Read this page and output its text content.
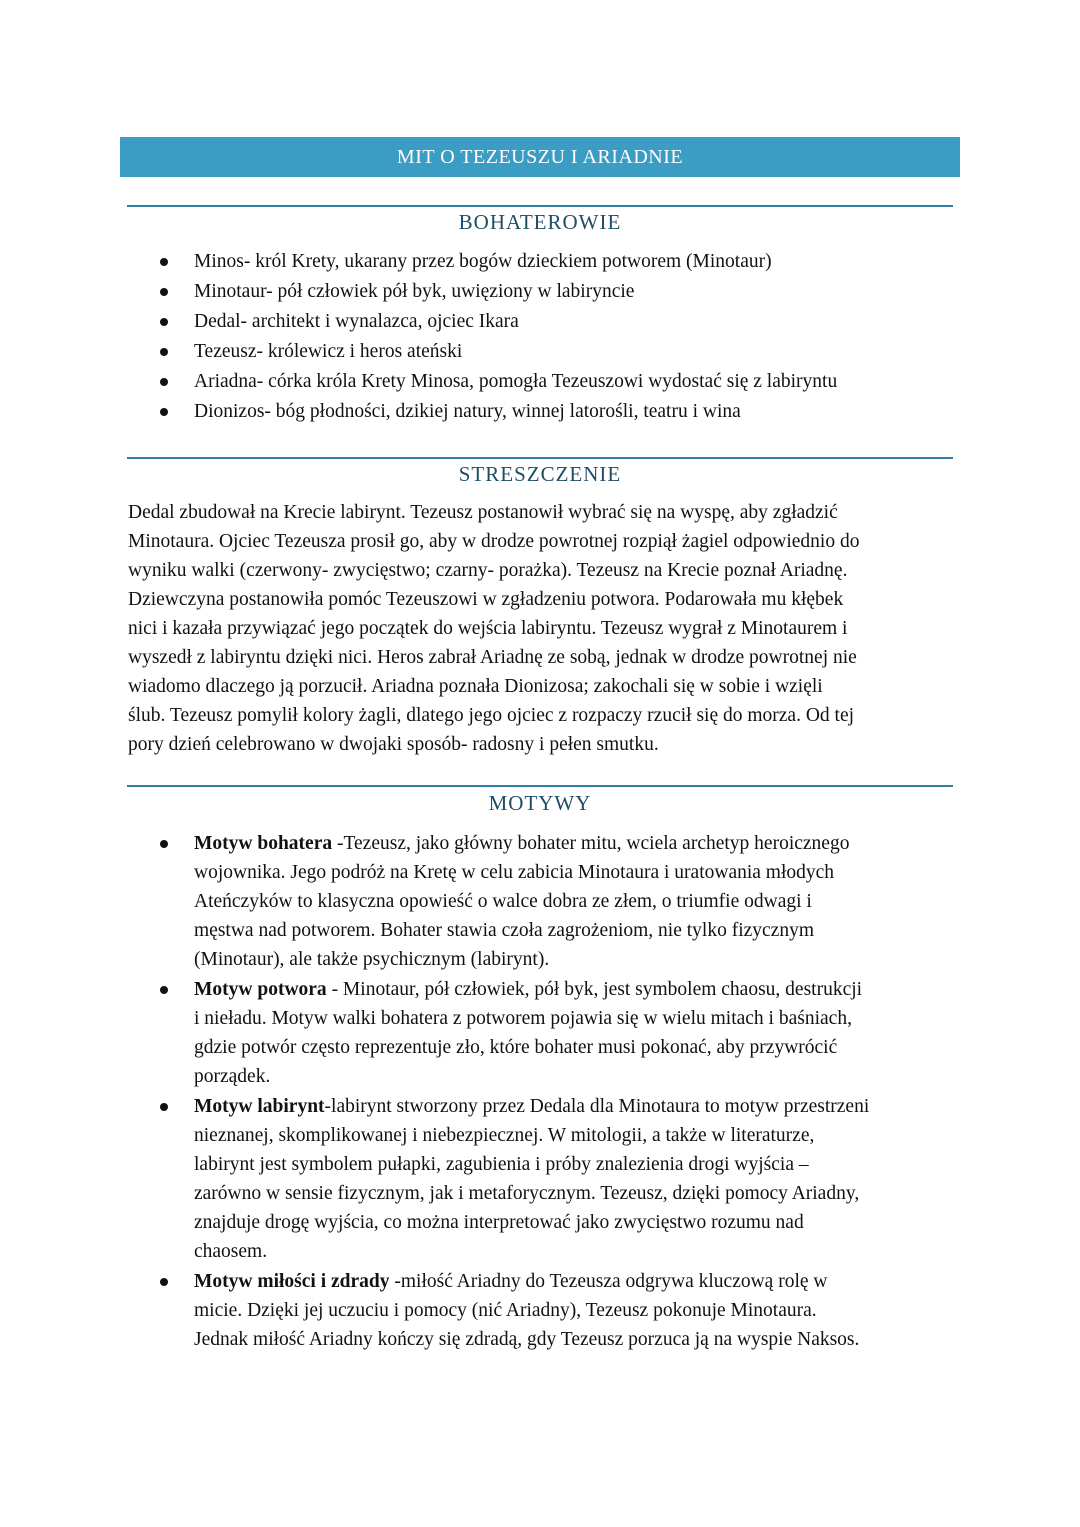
MIT O TEZEUSZU I ARIADNIE
BOHATEROWIE
Minos- król Krety, ukarany przez bogów dzieckiem potworem (Minotaur)
Minotaur- pół człowiek pół byk, uwięziony w labiryncie
Dedal- architekt i wynalazca, ojciec Ikara
Tezeusz- królewicz i heros ateński
Ariadna- córka króla Krety Minosa, pomogła Tezeuszowi wydostać się z labiryntu
Dionizos- bóg płodności, dzikiej natury, winnej latorośli, teatru i wina
STRESZCZENIE
Dedal zbudował na Krecie labirynt. Tezeusz postanowił wybrać się na wyspę, aby zgładzić
Minotaura. Ojciec Tezeusza prosił go, aby w drodze powrotnej rozpiął żagiel odpowiednio do
wyniku walki (czerwony- zwycięstwo; czarny- porażka). Tezeusz na Krecie poznał Ariadnę.
Dziewczyna postanowiła pomóc Tezeuszowi w zgładzeniu potwora. Podarowała mu kłębek
nici i kazała przywiązać jego początek do wejścia labiryntu. Tezeusz wygrał z Minotaurem i
wyszedł z labiryntu dzięki nici. Heros zabrał Ariadnę ze sobą, jednak w drodze powrotnej nie
wiadomo dlaczego ją porzucił. Ariadna poznała Dionizosa; zakochali się w sobie i wzięli
ślub. Tezeusz pomylił kolory żagli, dlatego jego ojciec z rozpaczy rzucił się do morza. Od tej
pory dzień celebrowano w dwojaki sposób- radosny i pełen smutku.
MOTYWY
Motyw bohatera -Tezeusz, jako główny bohater mitu, wciela archetyp heroicznego
wojownika. Jego podróż na Kretę w celu zabicia Minotaura i uratowania młodych
Ateńczyków to klasyczna opowieść o walce dobra ze złem, o triumfie odwagi i
męstwa nad potworem. Bohater stawia czoła zagrożeniom, nie tylko fizycznym
(Minotaur), ale także psychicznym (labirynt).
Motyw potwora - Minotaur, pół człowiek, pół byk, jest symbolem chaosu, destrukcji
i nieładu. Motyw walki bohatera z potworem pojawia się w wielu mitach i baśniach,
gdzie potwór często reprezentuje zło, które bohater musi pokonać, aby przywrócić
porządek.
Motyw labirynt-labirynt stworzony przez Dedala dla Minotaura to motyw przestrzeni
nieznanej, skomplikowanej i niebezpiecznej. W mitologii, a także w literaturze,
labirynt jest symbolem pułapki, zagubienia i próby znalezienia drogi wyjścia –
zarówno w sensie fizycznym, jak i metaforycznym. Tezeusz, dzięki pomocy Ariadny,
znajduje drogę wyjścia, co można interpretować jako zwycięstwo rozumu nad
chaosem.
Motyw miłości i zdrady -miłość Ariadny do Tezeusza odgrywa kluczową rolę w
micie. Dzięki jej uczuciu i pomocy (nić Ariadny), Tezeusz pokonuje Minotaura.
Jednak miłość Ariadny kończy się zdradą, gdy Tezeusz porzuca ją na wyspie Naksos.
